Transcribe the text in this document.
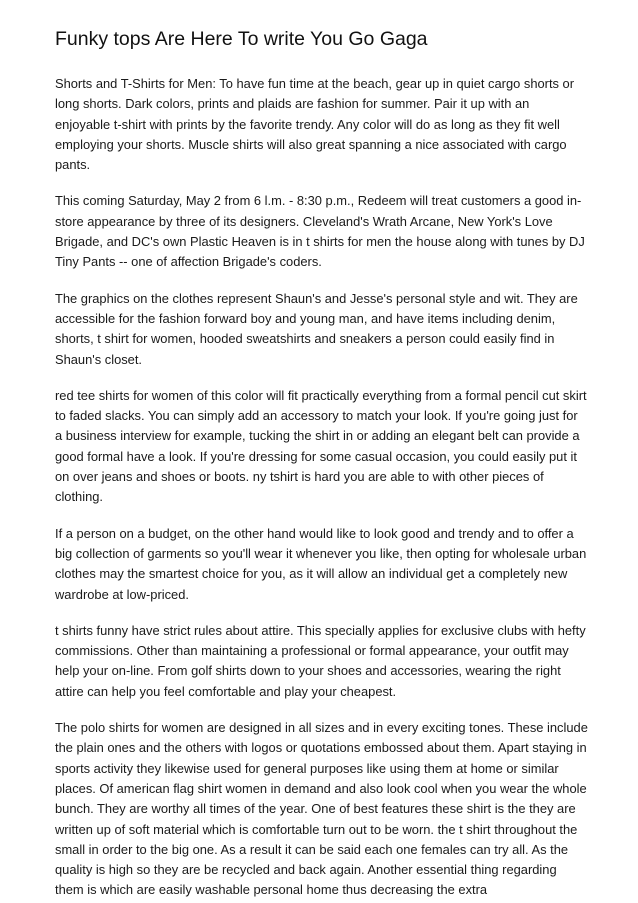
Funky tops Are Here To write You Go Gaga

Shorts and T-Shirts for Men: To have fun time at the beach, gear up in quiet cargo shorts or long shorts. Dark colors, prints and plaids are fashion for summer. Pair it up with an enjoyable t-shirt with prints by the favorite trendy. Any color will do as long as they fit well employing your shorts. Muscle shirts will also great spanning a nice associated with cargo pants.

This coming Saturday, May 2 from 6 l.m. - 8:30 p.m., Redeem will treat customers a good in-store appearance by three of its designers. Cleveland's Wrath Arcane, New York's Love Brigade, and DC's own Plastic Heaven is in t shirts for men the house along with tunes by DJ Tiny Pants -- one of affection Brigade's coders.

The graphics on the clothes represent Shaun's and Jesse's personal style and wit. They are accessible for the fashion forward boy and young man, and have items including denim, shorts, t shirt for women, hooded sweatshirts and sneakers a person could easily find in Shaun's closet.

red tee shirts for women of this color will fit practically everything from a formal pencil cut skirt to faded slacks. You can simply add an accessory to match your look. If you're going just for a business interview for example, tucking the shirt in or adding an elegant belt can provide a good formal have a look. If you're dressing for some casual occasion, you could easily put it on over jeans and shoes or boots. ny tshirt is hard you are able to with other pieces of clothing.

If a person on a budget, on the other hand would like to look good and trendy and to offer a big collection of garments so you'll wear it whenever you like, then opting for wholesale urban clothes may the smartest choice for you, as it will allow an individual get a completely new wardrobe at low-priced.

t shirts funny have strict rules about attire. This specially applies for exclusive clubs with hefty commissions. Other than maintaining a professional or formal appearance, your outfit may help your on-line. From golf shirts down to your shoes and accessories, wearing the right attire can help you feel comfortable and play your cheapest.

The polo shirts for women are designed in all sizes and in every exciting tones. These include the plain ones and the others with logos or quotations embossed about them. Apart staying in sports activity they likewise used for general purposes like using them at home or similar places. Of american flag shirt women in demand and also look cool when you wear the whole bunch. They are worthy all times of the year. One of best features these shirt is the they are written up of soft material which is comfortable turn out to be worn. the t shirt throughout the small in order to the big one. As a result it can be said each one females can try all. As the quality is high so they are be recycled and back again. Another essential thing regarding them is which are easily washable personal home thus decreasing the extra
